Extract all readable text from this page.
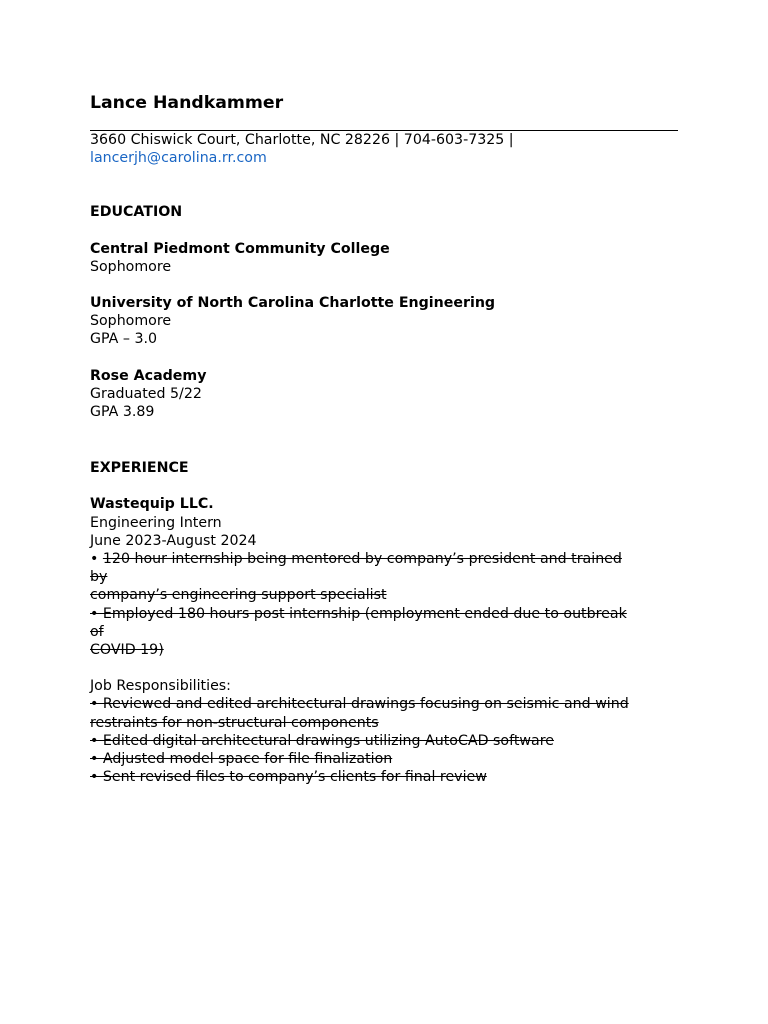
Lance Handkammer
3660 Chiswick Court, Charlotte, NC 28226 | 704-603-7325 |
lancerjh@carolina.rr.com
EDUCATION
Central Piedmont Community College
Sophomore
University of North Carolina Charlotte Engineering
Sophomore
GPA – 3.0
Rose Academy
Graduated 5/22
GPA 3.89
EXPERIENCE
Wastequip LLC.
Engineering Intern
June 2023-August 2024
• 120 hour internship being mentored by company’s president and trained
by
company’s engineering support specialist
• Employed 180 hours post internship (employment ended due to outbreak
of
COVID 19)
Job Responsibilities:
• Reviewed and edited architectural drawings focusing on seismic and wind
restraints for non-structural components
• Edited digital architectural drawings utilizing AutoCAD software
• Adjusted model space for file finalization
• Sent revised files to company’s clients for final review
